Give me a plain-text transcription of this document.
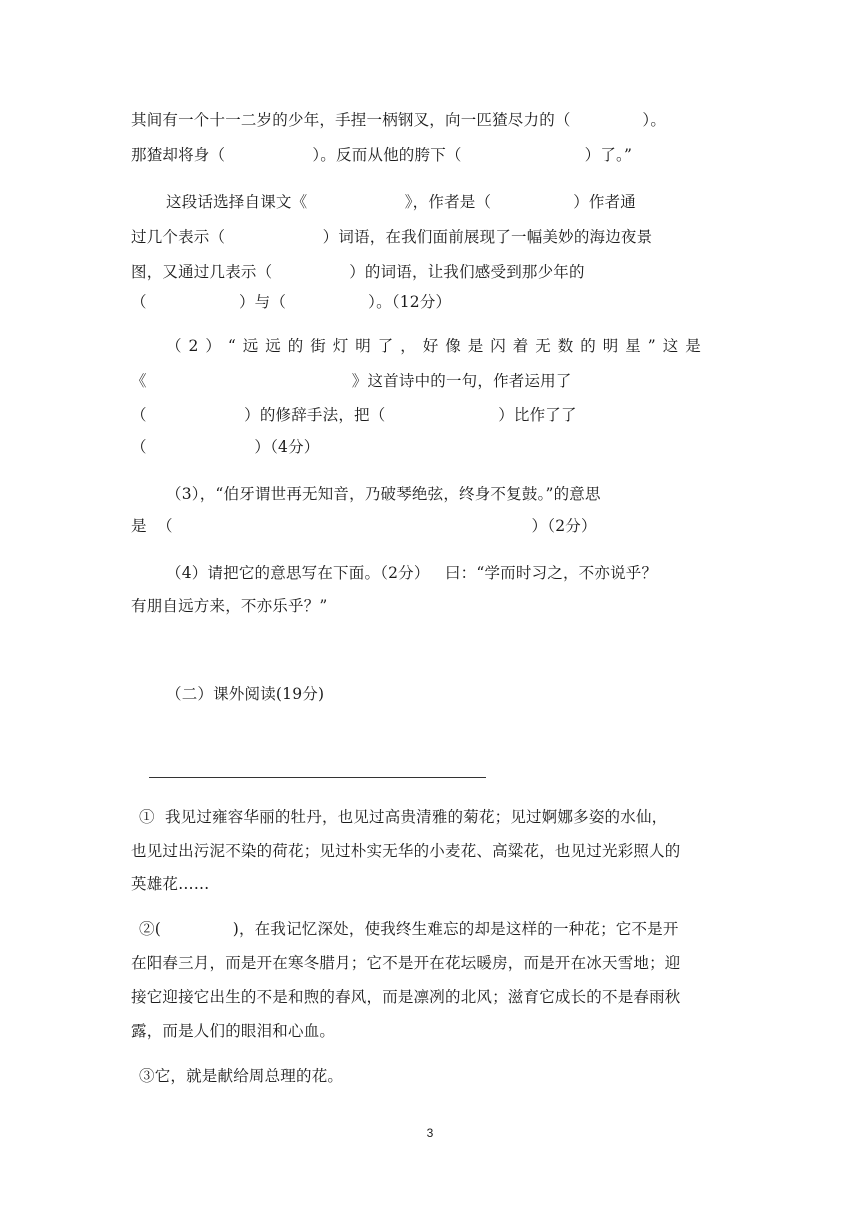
其间有一个十一二岁的少年，手捏一柄钢叉，向一匹猹尽力的（              ）。
那猹却将身（                 ）。反而从他的胯下（                        ）了。”
这段话选择自课文《                   》，作者是（                ）作者通
过几个表示（                   ）词语，在我们面前展现了一幅美妙的海边夜景
图，又通过几表示（               ）的词语，让我们感受到那少年的
（                  ）与（                ）。（12分）
（2）“远远的街灯明了，好像是闪着无数的明星”这是
《                                        》这首诗中的一句，作者运用了
（                   ）的修辞手法，把（                      ）比作了了
（                     ）（4分）
（3），“伯牙谓世再无知音，乃破琴绝弦，终身不复鼓。”的意思
是  （                                                                      ）（2分）
（4）请把它的意思写在下面。（2分）   曰：“学而时习之，不亦说乎？
有朋自远方来，不亦乐乎？”
（二）课外阅读(19分)
①  我见过雍容华丽的牡丹，也见过高贵清雅的菊花；见过婀娜多姿的水仙，
也见过出污泥不染的荷花；见过朴实无华的小麦花、高粱花，也见过光彩照人的
英雄花……
②(              )，在我记忆深处，使我终生难忘的却是这样的一种花；它不是开
在阳春三月，而是开在寒冬腊月；它不是开在花坛暖房，而是开在冰天雪地；迎
接它迎接它出生的不是和煦的春风，而是凛冽的北风；滋育它成长的不是春雨秋
露，而是人们的眼泪和心血。
③它，就是献给周总理的花。
3
